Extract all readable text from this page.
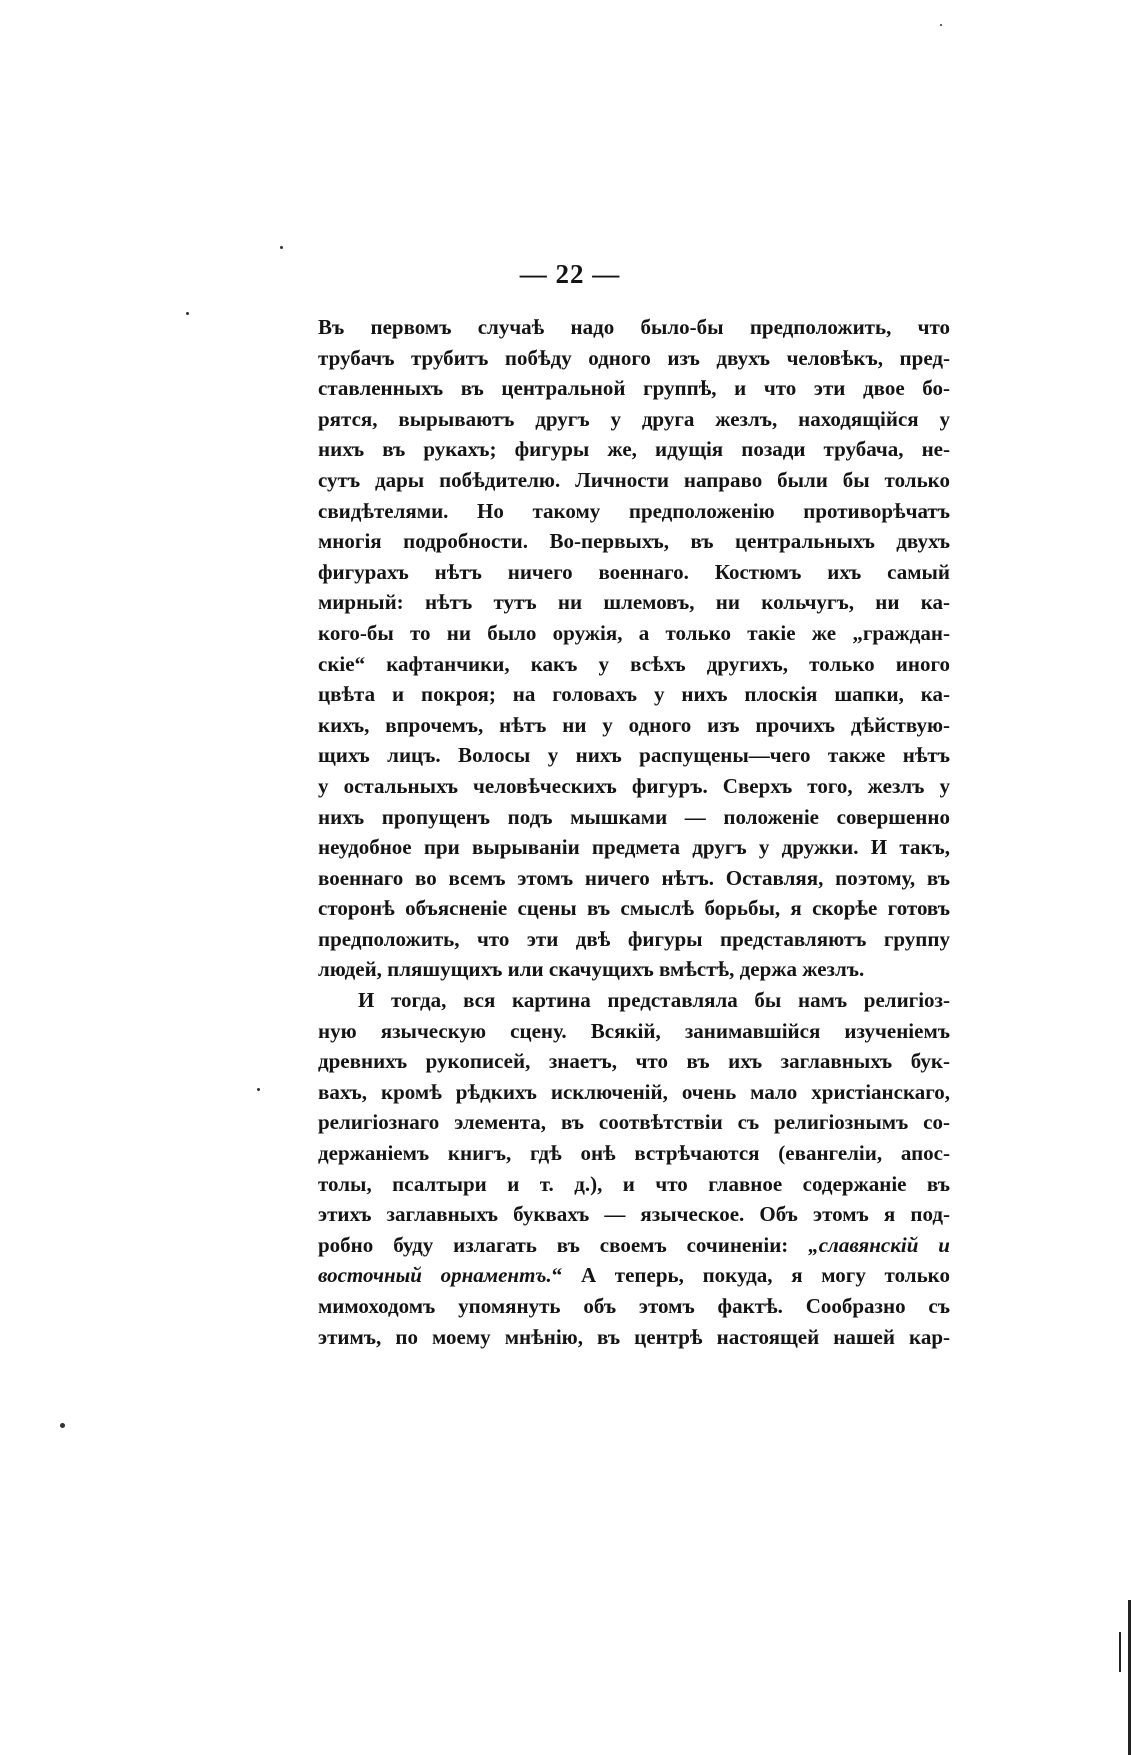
— 22 —
Въ первомъ случаѣ надо было-бы предположить, что
трубачъ трубитъ побѣду одного изъ двухъ человѣкъ, пред-
ставленныхъ въ центральной группѣ, и что эти двое бо-
рятся, вырываютъ другъ у друга жезлъ, находящійся у
нихъ въ рукахъ; фигуры же, идущія позади трубача, не-
сутъ дары побѣдителю. Личности направо были бы только
свидѣтелями. Но такому предположенію противорѣчатъ
многія подробности. Во-первыхъ, въ центральныхъ двухъ
фигурахъ нѣтъ ничего военнаго. Костюмъ ихъ самый
мирный: нѣтъ тутъ ни шлемовъ, ни кольчугъ, ни ка-
кого-бы то ни было оружія, а только такіе же „граждан-
скіе“ кафтанчики, какъ у всѣхъ другихъ, только иного
цвѣта и покроя; на головахъ у нихъ плоскія шапки, ка-
кихъ, впрочемъ, нѣтъ ни у одного изъ прочихъ дѣйствую-
щихъ лицъ. Волосы у нихъ распущены—чего также нѣтъ
у остальныхъ человѣческихъ фигуръ. Сверхъ того, жезлъ у
нихъ пропущенъ подъ мышками — положеніе совершенно
неудобное при вырываніи предмета другъ у дружки. И такъ,
военнаго во всемъ этомъ ничего нѣтъ. Оставляя, поэтому, въ
сторонѣ объясненіе сцены въ смыслѣ борьбы, я скорѣе готовъ
предположить, что эти двѣ фигуры представляютъ группу
людей, пляшущихъ или скачущихъ вмѣстѣ, держа жезлъ.
И тогда, вся картина представляла бы намъ религіоз-
ную языческую сцену. Всякій, занимавшійся изученіемъ
древнихъ рукописей, знаетъ, что въ ихъ заглавныхъ бук-
вахъ, кромѣ рѣдкихъ исключеній, очень мало христіанскаго,
религіознаго элемента, въ соотвѣтствіи съ религіознымъ со-
держаніемъ книгъ, гдѣ онѣ встрѣчаются (евангеліи, апос-
толы, псалтыри и т. д.), и что главное содержаніе въ
этихъ заглавныхъ буквахъ — языческое. Объ этомъ я под-
робно буду излагать въ своемъ сочиненіи: „славянскій и
восточный орнаментъ.“ А теперь, покуда, я могу только
мимоходомъ упомянуть объ этомъ фактѣ. Сообразно съ
этимъ, по моему мнѣнію, въ центрѣ настоящей нашей кар-
